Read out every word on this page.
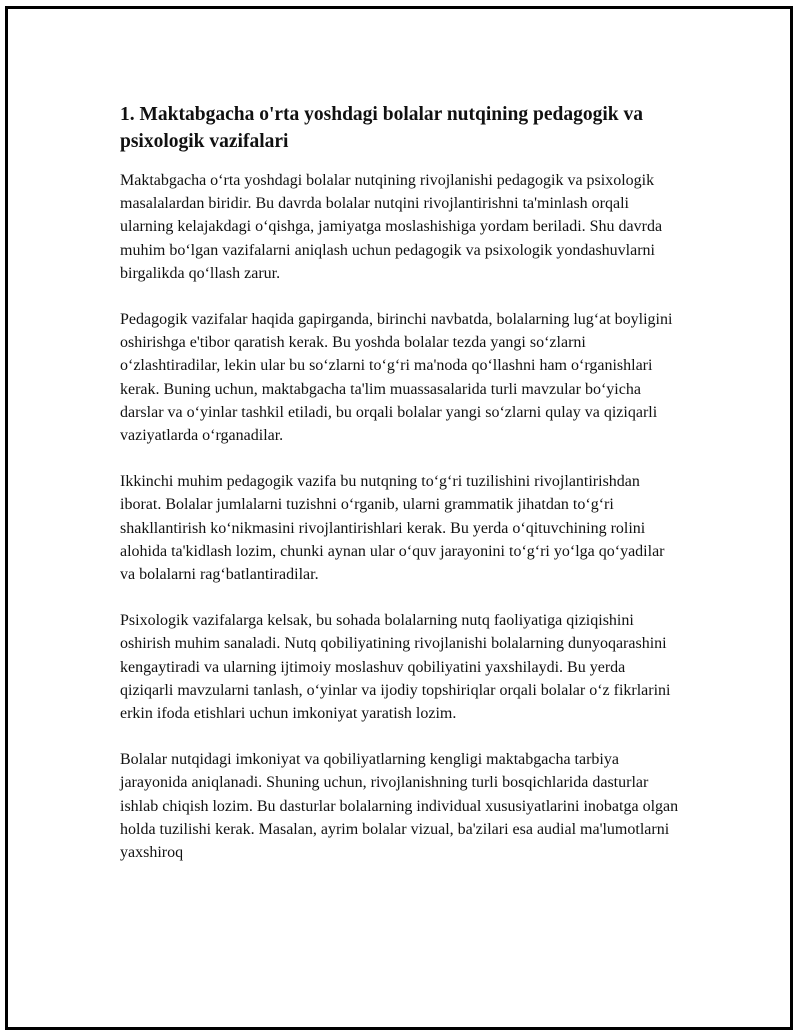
1. Maktabgacha o'rta yoshdagi bolalar nutqining pedagogik va psixologik vazifalari

Maktabgacha oʻrta yoshdagi bolalar nutqining rivojlanishi pedagogik va psixologik masalalardan biridir. Bu davrda bolalar nutqini rivojlantirishni ta'minlash orqali ularning kelajakdagi oʻqishga, jamiyatga moslashishiga yordam beriladi. Shu davrda muhim boʻlgan vazifalarni aniqlash uchun pedagogik va psixologik yondashuvlarni birgalikda qoʻllash zarur.

Pedagogik vazifalar haqida gapirganda, birinchi navbatda, bolalarning lugʻat boyligini oshirishga e'tibor qaratish kerak. Bu yoshda bolalar tezda yangi soʻzlarni oʻzlashtiradilar, lekin ular bu soʻzlarni toʻgʻri ma'noda qoʻllashni ham oʻrganishlari kerak. Buning uchun, maktabgacha ta'lim muassasalarida turli mavzular boʻyicha darslar va oʻyinlar tashkil etiladi, bu orqali bolalar yangi soʻzlarni qulay va qiziqarli vaziyatlarda oʻrganadilar.

Ikkinchi muhim pedagogik vazifa bu nutqning toʻgʻri tuzilishini rivojlantirishdan iborat. Bolalar jumlalarni tuzishni oʻrganib, ularni grammatik jihatdan toʻgʻri shakllantirish koʻnikmasini rivojlantirishlari kerak. Bu yerda oʻqituvchining rolini alohida ta'kidlash lozim, chunki aynan ular oʻquv jarayonini toʻgʻri yoʻlga qoʻyadilar va bolalarni ragʻbatlantiradilar.

Psixologik vazifalarga kelsak, bu sohada bolalarning nutq faoliyatiga qiziqishini oshirish muhim sanaladi. Nutq qobiliyatining rivojlanishi bolalarning dunyoqarashini kengaytiradi va ularning ijtimoiy moslashuv qobiliyatini yaxshilaydi. Bu yerda qiziqarli mavzularni tanlash, oʻyinlar va ijodiy topshiriqlar orqali bolalar oʻz fikrlarini erkin ifoda etishlari uchun imkoniyat yaratish lozim.

Bolalar nutqidagi imkoniyat va qobiliyatlarning kengligi maktabgacha tarbiya jarayonida aniqlanadi. Shuning uchun, rivojlanishning turli bosqichlarida dasturlar ishlab chiqish lozim. Bu dasturlar bolalarning individual xususiyatlarini inobatga olgan holda tuzilishi kerak. Masalan, ayrim bolalar vizual, ba'zilari esa audial ma'lumotlarni yaxshiroq
